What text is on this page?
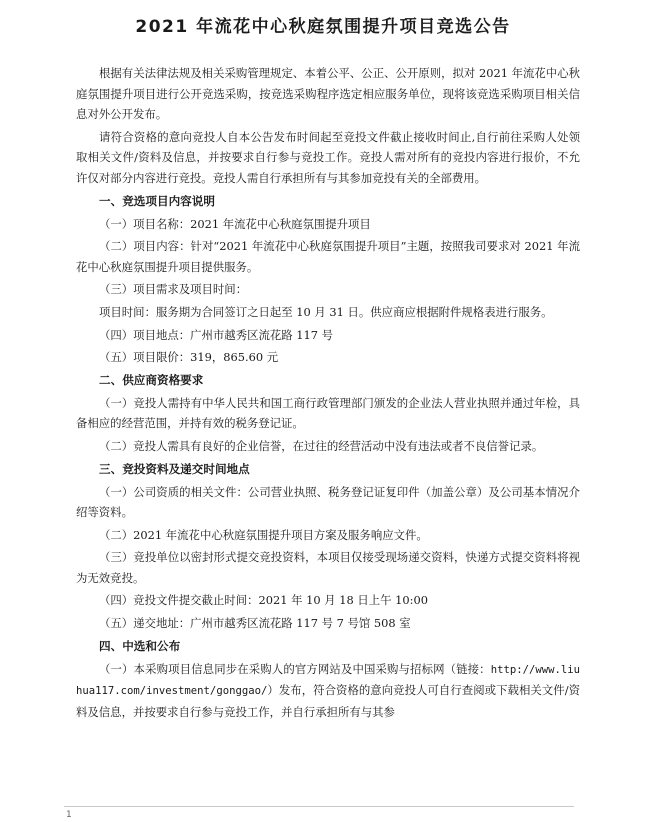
2021 年流花中心秋庭氛围提升项目竞选公告

根据有关法律法规及相关采购管理规定、本着公平、公正、公开原则，拟对 2021 年流花中心秋庭氛围提升项目进行公开竞选采购，按竞选采购程序选定相应服务单位，现将该竞选采购项目相关信息对外公开发布。

请符合资格的意向竞投人自本公告发布时间起至竞投文件截止接收时间止,自行前往采购人处领取相关文件/资料及信息，并按要求自行参与竞投工作。竞投人需对所有的竞投内容进行报价，不允许仅对部分内容进行竞投。竞投人需自行承担所有与其参加竞投有关的全部费用。

一、竞选项目内容说明

（一）项目名称：2021 年流花中心秋庭氛围提升项目

（二）项目内容：针对“2021 年流花中心秋庭氛围提升项目”主题，按照我司要求对 2021 年流花中心秋庭氛围提升项目提供服务。

（三）项目需求及项目时间：

项目时间：服务期为合同签订之日起至 10 月 31 日。供应商应根据附件规格表进行服务。

（四）项目地点：广州市越秀区流花路 117 号

（五）项目限价：319，865.60 元

二、供应商资格要求

（一）竞投人需持有中华人民共和国工商行政管理部门颁发的企业法人营业执照并通过年检，具备相应的经营范围，并持有效的税务登记证。

（二）竞投人需具有良好的企业信誉，在过往的经营活动中没有违法或者不良信誉记录。

三、竞投资料及递交时间地点

（一）公司资质的相关文件：公司营业执照、税务登记证复印件（加盖公章）及公司基本情况介绍等资料。

（二）2021 年流花中心秋庭氛围提升项目方案及服务响应文件。

（三）竞投单位以密封形式提交竞投资料，本项目仅接受现场递交资料，快递方式提交资料将视为无效竞投。

（四）竞投文件提交截止时间：2021 年 10 月 18 日上午 10:00

（五）递交地址：广州市越秀区流花路 117 号 7 号馆 508 室

四、中选和公布

（一）本采购项目信息同步在采购人的官方网站及中国采购与招标网（链接：http://www.liuhua117.com/investment/gonggao/）发布，符合资格的意向竞投人可自行查阅或下载相关文件/资料及信息，并按要求自行参与竞投工作，并自行承担所有与其参

1
